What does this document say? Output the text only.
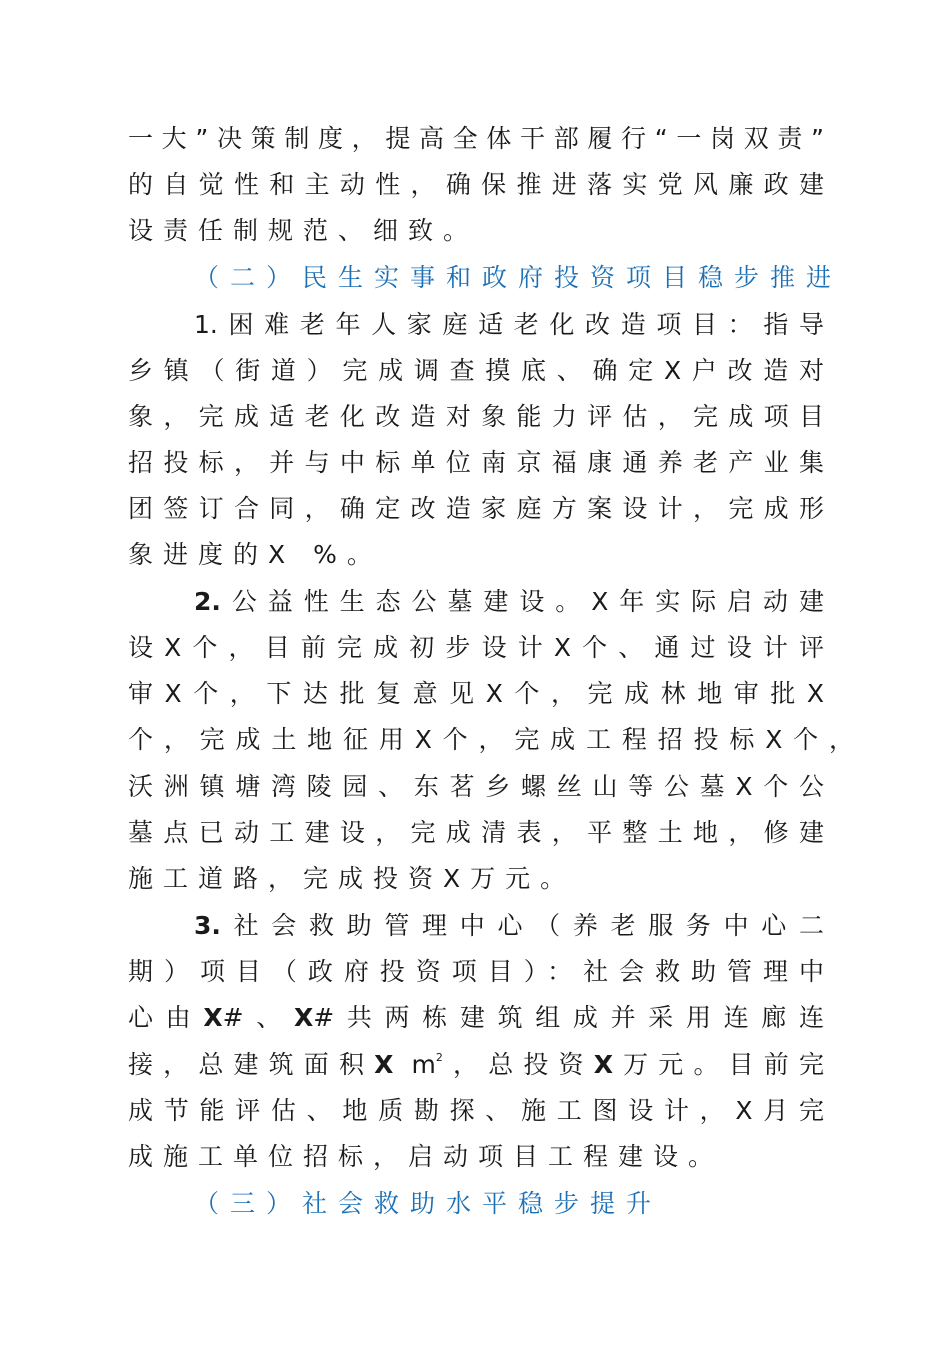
一大”决策制度，提高全体干部履行“一岗双责”
的自觉性和主动性，确保推进落实党风廉政建
设责任制规范、细致。
（二）民生实事和政府投资项目稳步推进
1.困难老年人家庭适老化改造项目：指导
乡镇（街道）完成调查摸底、确定X户改造对
象，完成适老化改造对象能力评估，完成项目
招投标，并与中标单位南京福康通养老产业集
团签订合同，确定改造家庭方案设计，完成形
象进度的X %。
2.公益性生态公墓建设。X年实际启动建
设X个，目前完成初步设计X个、通过设计评
审X个，下达批复意见X个，完成林地审批X
个，完成土地征用X个，完成工程招投标X个，
沃洲镇塘湾陵园、东茗乡螺丝山等公墓X个公
墓点已动工建设，完成清表，平整土地，修建
施工道路，完成投资X万元。
3.社会救助管理中心（养老服务中心二
期）项目（政府投资项目）：社会救助管理中
心由X#、X#共两栋建筑组成并采用连廊连
接，总建筑面积X $m^2$，总投资X万元。目前完
成节能评估、地质勘探、施工图设计，X月完
成施工单位招标，启动项目工程建设。
（三）社会救助水平稳步提升
